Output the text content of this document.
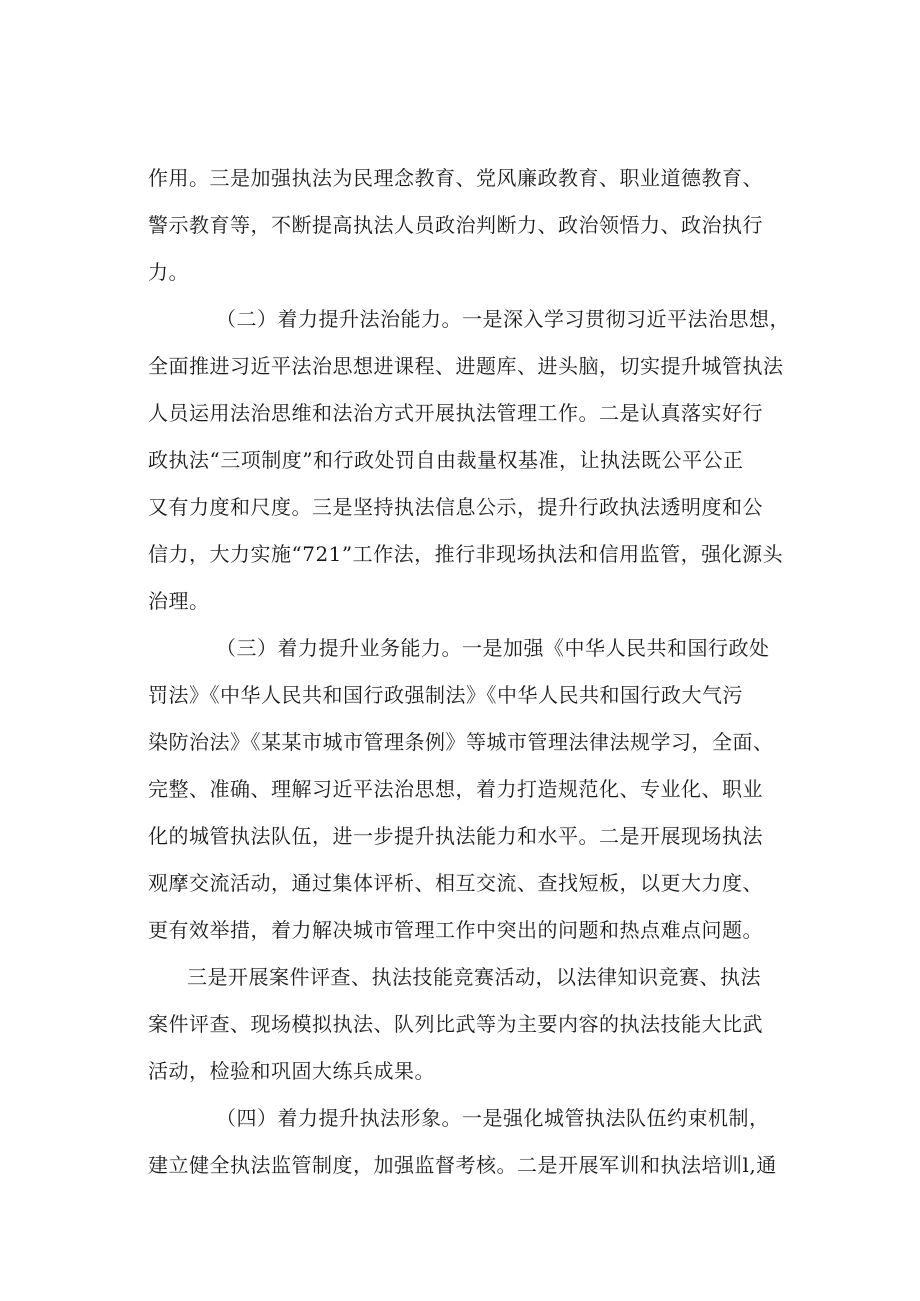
作用。三是加强执法为民理念教育、党风廉政教育、职业道德教育、
警示教育等，不断提高执法人员政治判断力、政治领悟力、政治执行
力。
（二）着力提升法治能力。一是深入学习贯彻习近平法治思想，
全面推进习近平法治思想进课程、进题库、进头脑，切实提升城管执法
人员运用法治思维和法治方式开展执法管理工作。二是认真落实好行
政执法“三项制度”和行政处罚自由裁量权基准，让执法既公平公正
又有力度和尺度。三是坚持执法信息公示，提升行政执法透明度和公
信力，大力实施“721”工作法，推行非现场执法和信用监管，强化源头
治理。
（三）着力提升业务能力。一是加强《中华人民共和国行政处
罚法》《中华人民共和国行政强制法》《中华人民共和国行政大气污
染防治法》《某某市城市管理条例》等城市管理法律法规学习，全面、
完整、准确、理解习近平法治思想，着力打造规范化、专业化、职业
化的城管执法队伍，进一步提升执法能力和水平。二是开展现场执法
观摩交流活动，通过集体评析、相互交流、查找短板，以更大力度、
更有效举措，着力解决城市管理工作中突出的问题和热点难点问题。
三是开展案件评查、执法技能竞赛活动，以法律知识竞赛、执法
案件评查、现场模拟执法、队列比武等为主要内容的执法技能大比武
活动，检验和巩固大练兵成果。
（四）着力提升执法形象。一是强化城管执法队伍约束机制，
建立健全执法监管制度，加强监督考核。二是开展军训和执法培训l,通
